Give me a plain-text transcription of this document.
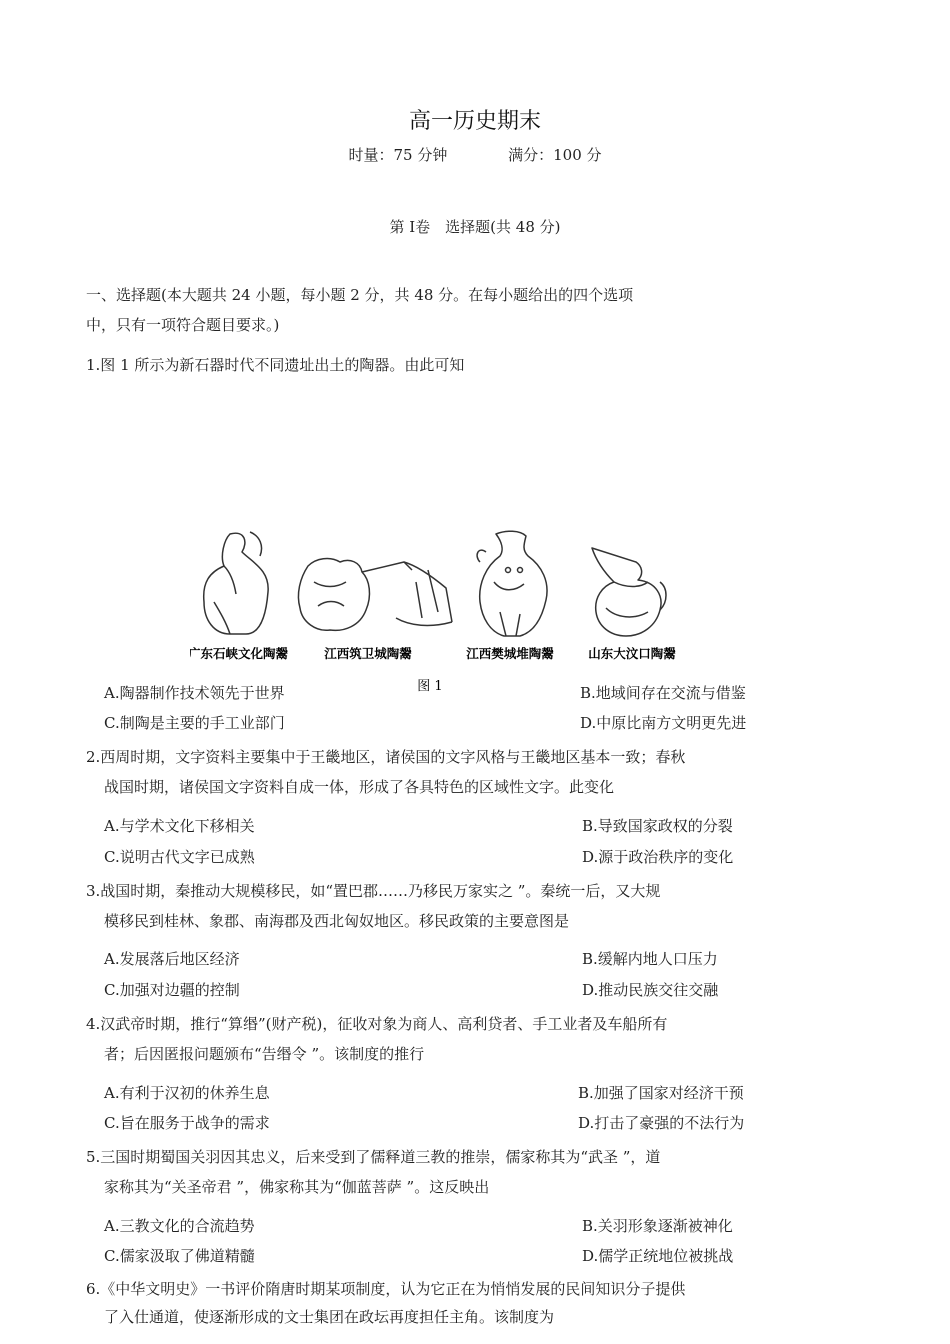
高一历史期末
时量：75 分钟	满分：100 分
第 Ⅰ卷　选择题(共 48 分)
一、选择题(本大题共 24 小题，每小题 2 分，共 48 分。在每小题给出的四个选项
中，只有一项符合题目要求。)
1.图 1 所示为新石器时代不同遗址出土的陶器。由此可知
广东石峡文化陶鬶	江西筑卫城陶鬶	江西樊城堆陶鬶	山东大汶口陶鬶
图 1
A.陶器制作技术领先于世界	B.地域间存在交流与借鉴
C.制陶是主要的手工业部门	D.中原比南方文明更先进
2.西周时期，文字资料主要集中于王畿地区，诸侯国的文字风格与王畿地区基本一致；春秋
战国时期，诸侯国文字资料自成一体，形成了各具特色的区域性文字。此变化
A.与学术文化下移相关	B.导致国家政权的分裂
C.说明古代文字已成熟	D.源于政治秩序的变化
3.战国时期，秦推动大规模移民，如“置巴郡……乃移民万家实之 ”。秦统一后，又大规
模移民到桂林、象郡、南海郡及西北匈奴地区。移民政策的主要意图是
A.发展落后地区经济	B.缓解内地人口压力
C.加强对边疆的控制	D.推动民族交往交融
4.汉武帝时期，推行“算缗”(财产税)，征收对象为商人、高利贷者、手工业者及车船所有
者；后因匿报问题颁布“告缗令 ”。该制度的推行
A.有利于汉初的休养生息	B.加强了国家对经济干预
C.旨在服务于战争的需求	D.打击了豪强的不法行为
5.三国时期蜀国关羽因其忠义，后来受到了儒释道三教的推崇，儒家称其为“武圣 ”，道
家称其为“关圣帝君 ”，佛家称其为“伽蓝菩萨 ”。这反映出
A.三教文化的合流趋势	B.关羽形象逐渐被神化
C.儒家汲取了佛道精髓	D.儒学正统地位被挑战
6.《中华文明史》一书评价隋唐时期某项制度，认为它正在为悄悄发展的民间知识分子提供
了入仕通道，使逐渐形成的文士集团在政坛再度担任主角。该制度为
